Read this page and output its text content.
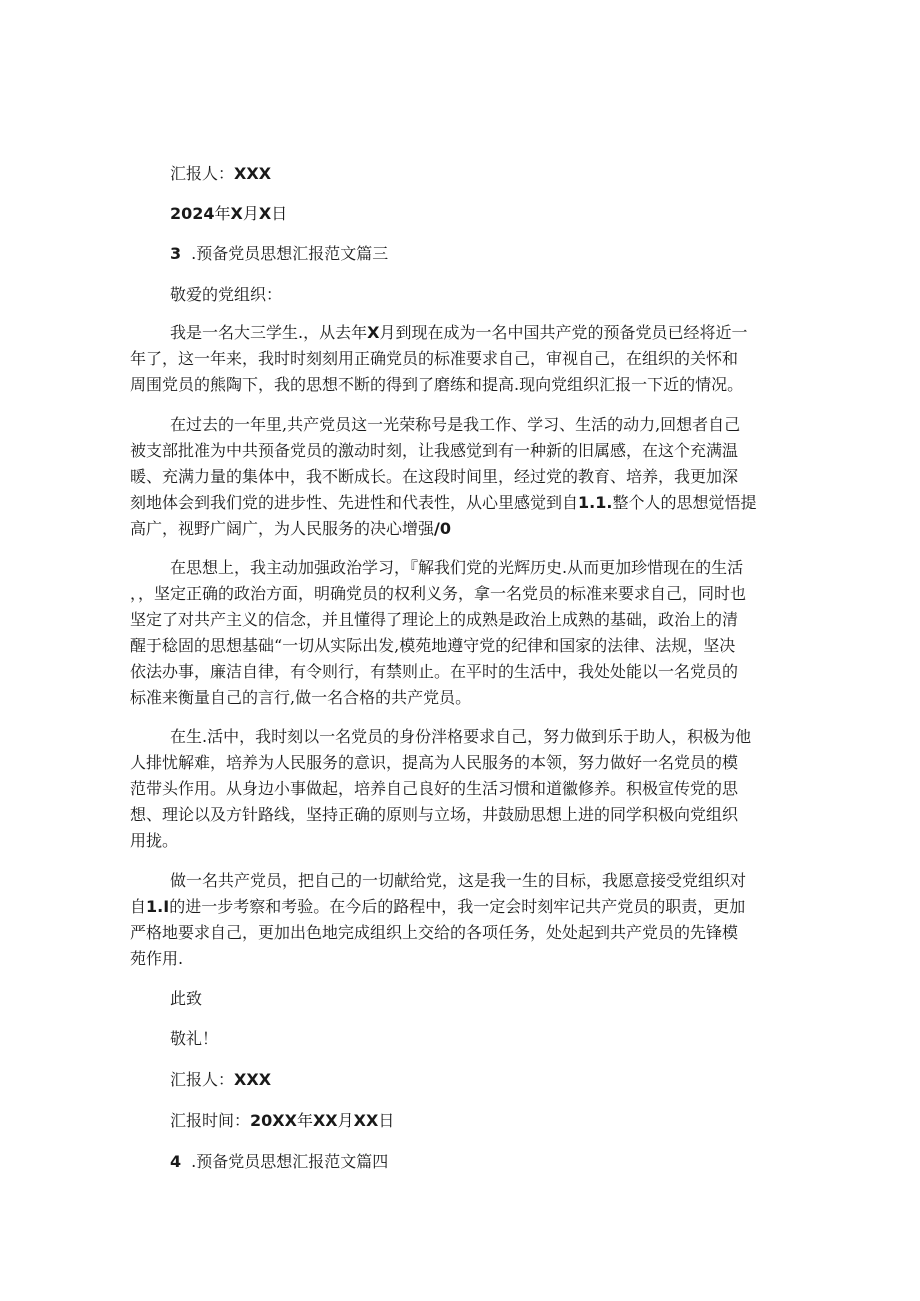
汇报人：XXX
2024年X月X日
3 .预备党员思想汇报范文篇三
敬爱的党组织：
我是一名大三学生.，从去年X月到现在成为一名中国共产党的预备党员已经将近一
年了，这一年来，我时时刻刻用正确党员的标准要求自己，审视自己，在组织的关怀和
周围党员的熊陶下，我的思想不断的得到了磨练和提高.现向党组织汇报一下近的情况。
在过去的一年里,共产党员这一光荣称号是我工作、学习、生活的动力,回想者自己
被支部批准为中共预备党员的激动时刻，让我感觉到有一种新的旧属感，在这个充满温
暖、充满力量的集体中，我不断成长。在这段时间里，经过党的教育、培养，我更加深
刻地体会到我们党的进步性、先进性和代表性，从心里感觉到自1.1.整个人的思想觉悟提
高广，视野广阔广，为人民服务的决心增强/0
在思想上，我主动加强政治学习，『解我们党的光辉历史.从而更加珍惜现在的生活
，，坚定正确的政治方面，明确党员的权利义务，拿一名党员的标准来要求自己，同时也
坚定了对共产主义的信念，并且懂得了理论上的成熟是政治上成熟的基础，政治上的清
醒于稔固的思想基础“一切从实际出发,模苑地遵守党的纪律和国家的法律、法规，坚决
依法办事，廉洁自律，有令则行，有禁则止。在平时的生活中，我处处能以一名党员的
标准来衡量自己的言行,做一名合格的共产党员。
在生.活中，我时刻以一名党员的身份泮格要求自己，努力做到乐于助人，积极为他
人排忧解难，培养为人民服务的意识，提高为人民服务的本领，努力做好一名党员的模
范带头作用。从身边小事做起，培养自己良好的生活习惯和道徽修养。积极宣传党的思
想、理论以及方针路线，坚持正确的原则与立场，井鼓励思想上进的同学积极向党组织
用拢。
做一名共产党员，把自己的一切献给党，这是我一生的目标，我愿意接受党组织对
自1.I的进一步考察和考验。在今后的路程中，我一定会时刻牢记共产党员的职责，更加
严格地要求自己，更加出色地完成组织上交给的各项任务，处处起到共产党员的先锋模
苑作用.
此致
敬礼！
汇报人：XXX
汇报时间：20XX年XX月XX日
4 .预备党员思想汇报范文篇四
